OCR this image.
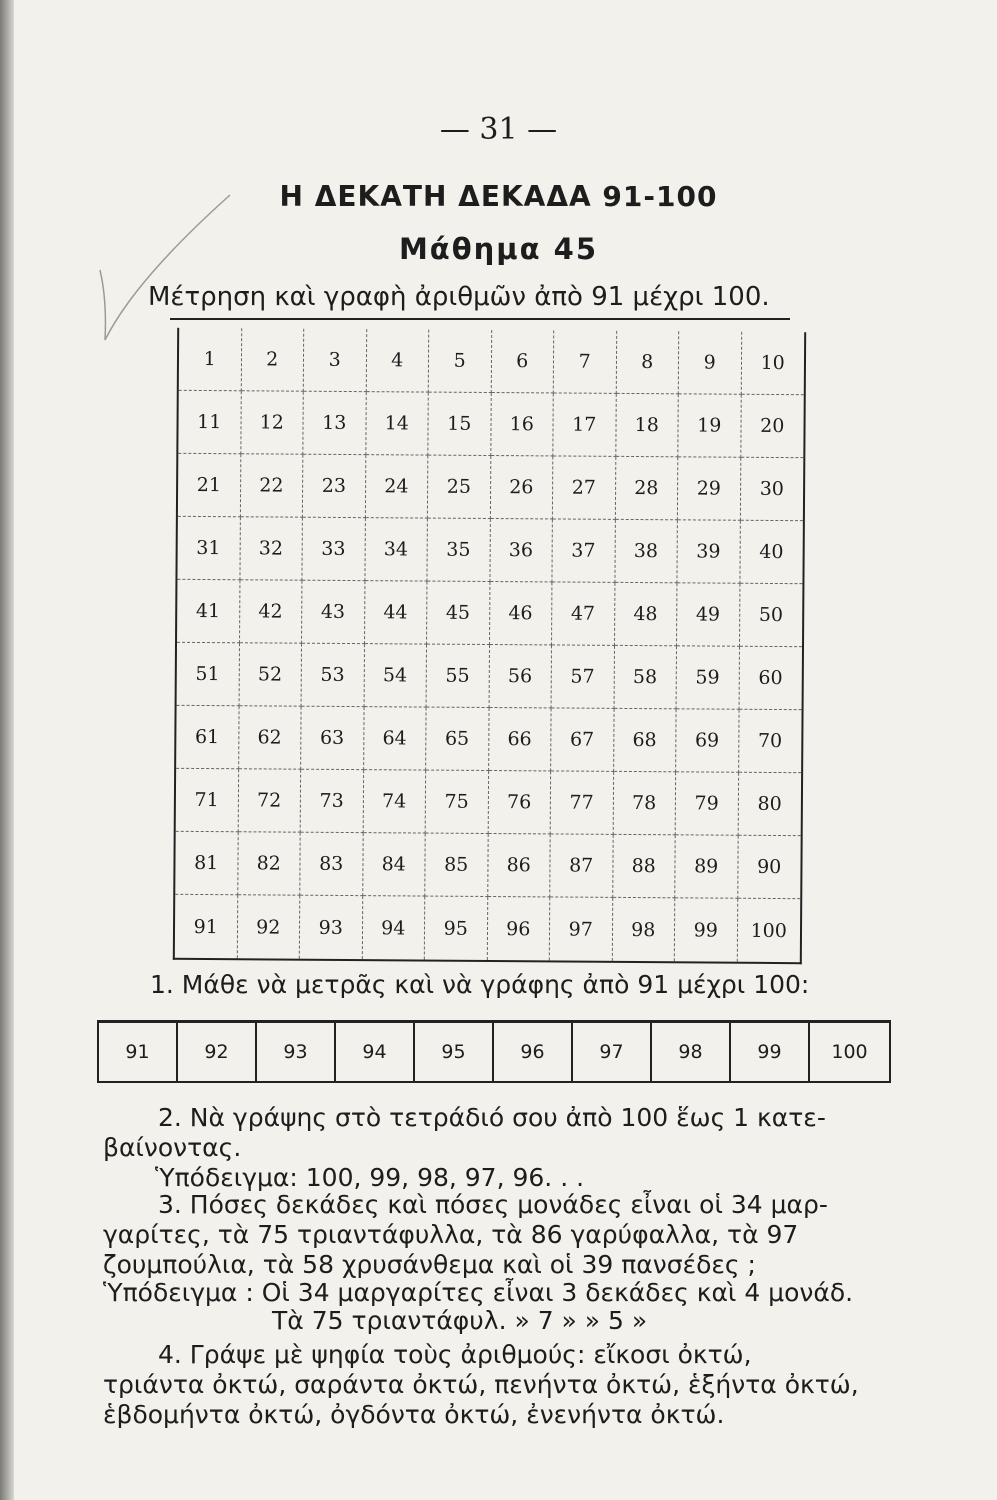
— 31 —
Η ΔΕΚΑΤΗ ΔΕΚΑΔΑ 91-100
Μάθημα 45
Μέτρηση καὶ γραφὴ ἀριθμῶν ἀπὸ 91 μέχρι 100.
1	2	3	4	5	6	7	8	9	10
11	12	13	14	15	16	17	18	19	20
21	22	23	24	25	26	27	28	29	30
31	32	33	34	35	36	37	38	39	40
41	42	43	44	45	46	47	48	49	50
51	52	53	54	55	56	57	58	59	60
61	62	63	64	65	66	67	68	69	70
71	72	73	74	75	76	77	78	79	80
81	82	83	84	85	86	87	88	89	90
91	92	93	94	95	96	97	98	99	100
1. Μάθε νὰ μετρᾶς καὶ νὰ γράφης ἀπὸ 91 μέχρι 100:
91	92	93	94	95	96	97	98	99	100
2. Νὰ γράψης στὸ τετράδιό σου ἀπὸ 100 ἕως 1 κατε-
βαίνοντας.
Ὑπόδειγμα: 100, 99, 98, 97, 96. . .
3. Πόσες δεκάδες καὶ πόσες μονάδες εἶναι οἱ 34 μαρ-
γαρίτες, τὰ 75 τριαντάφυλλα, τὰ 86 γαρύφαλλα, τὰ 97
ζουμπούλια, τὰ 58 χρυσάνθεμα καὶ οἱ 39 πανσέδες ;
Ὑπόδειγμα : Οἱ 34 μαργαρίτες εἶναι 3 δεκάδες καὶ 4 μονάδ.
Τὰ 75 τριαντάφυλ. » 7 » » 5 »
4. Γράψε μὲ ψηφία τοὺς ἀριθμούς: εἴκοσι ὀκτώ,
τριάντα ὀκτώ, σαράντα ὀκτώ, πενήντα ὀκτώ, ἑξήντα ὀκτώ,
ἑβδομήντα ὀκτώ, ὀγδόντα ὀκτώ, ἐνενήντα ὀκτώ.
